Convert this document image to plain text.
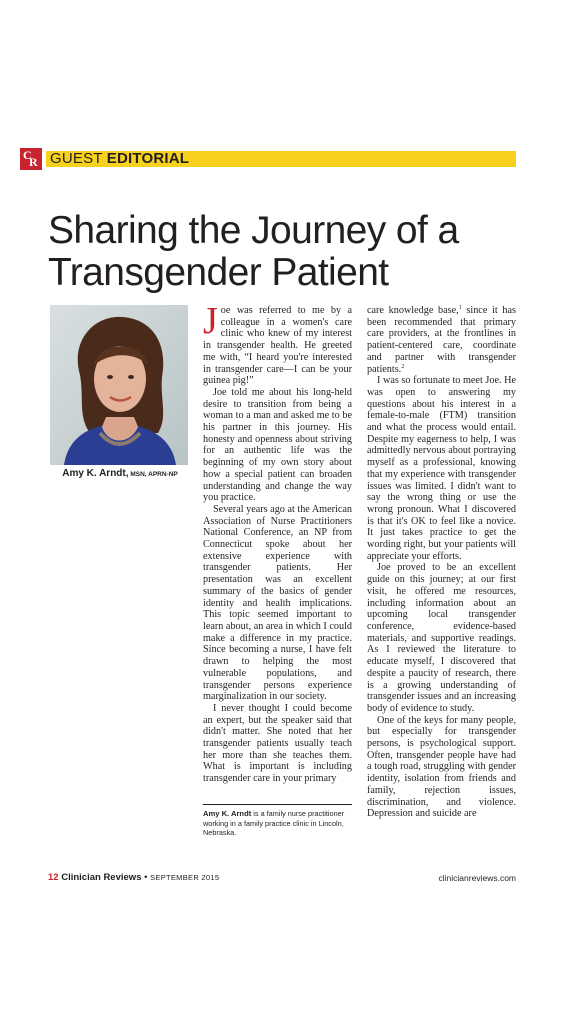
C
R GUEST EDITORIAL
Sharing the Journey of a
Transgender Patient
Amy K. Arndt, MSN, APRN-NP

Joe was referred to me by a colleague in a women's care clinic who knew of my interest in transgender health. He greeted me with, “I heard you're interested in transgender care—I can be your guinea pig!”

Joe told me about his long-held desire to transition from being a woman to a man and asked me to be his partner in this journey. His honesty and openness about striving for an authentic life was the beginning of my own story about how a special patient can broaden understanding and change the way you practice.

Several years ago at the American Association of Nurse Practitioners National Conference, an NP from Connecticut spoke about her extensive experience with transgender patients. Her presentation was an excellent summary of the basics of gender identity and health implications. This topic seemed important to learn about, an area in which I could make a difference in my practice. Since becoming a nurse, I have felt drawn to helping the most vulnerable populations, and transgender persons experience marginalization in our society.

I never thought I could become an expert, but the speaker said that didn't matter. She noted that her transgender patients usually teach her more than she teaches them. What is important is including transgender care in your primary

Amy K. Arndt is a family nurse practitioner working in a family practice clinic in Lincoln, Nebraska.

care knowledge base,$^1$ since it has been recommended that primary care providers, at the frontlines in patient-centered care, coordinate and partner with transgender patients.$^2$

I was so fortunate to meet Joe. He was open to answering my questions about his interest in a female-to-male (FTM) transition and what the process would entail. Despite my eagerness to help, I was admittedly nervous about portraying myself as a professional, knowing that my experience with transgender issues was limited. I didn't want to say the wrong thing or use the wrong pronoun. What I discovered is that it's OK to feel like a novice. It just takes practice to get the wording right, but your patients will appreciate your efforts.

Joe proved to be an excellent guide on this journey; at our first visit, he offered me resources, including information about an upcoming local transgender conference, evidence-based materials, and supportive readings. As I reviewed the literature to educate myself, I discovered that despite a paucity of research, there is a growing understanding of transgender issues and an increasing body of evidence to study.

One of the keys for many people, but especially for transgender persons, is psychological support. Often, transgender people have had a tough road, struggling with gender identity, isolation from friends and family, rejection issues, discrimination, and violence. Depression and suicide are

12 Clinician Reviews • SEPTEMBER 2015	clinicianreviews.com
